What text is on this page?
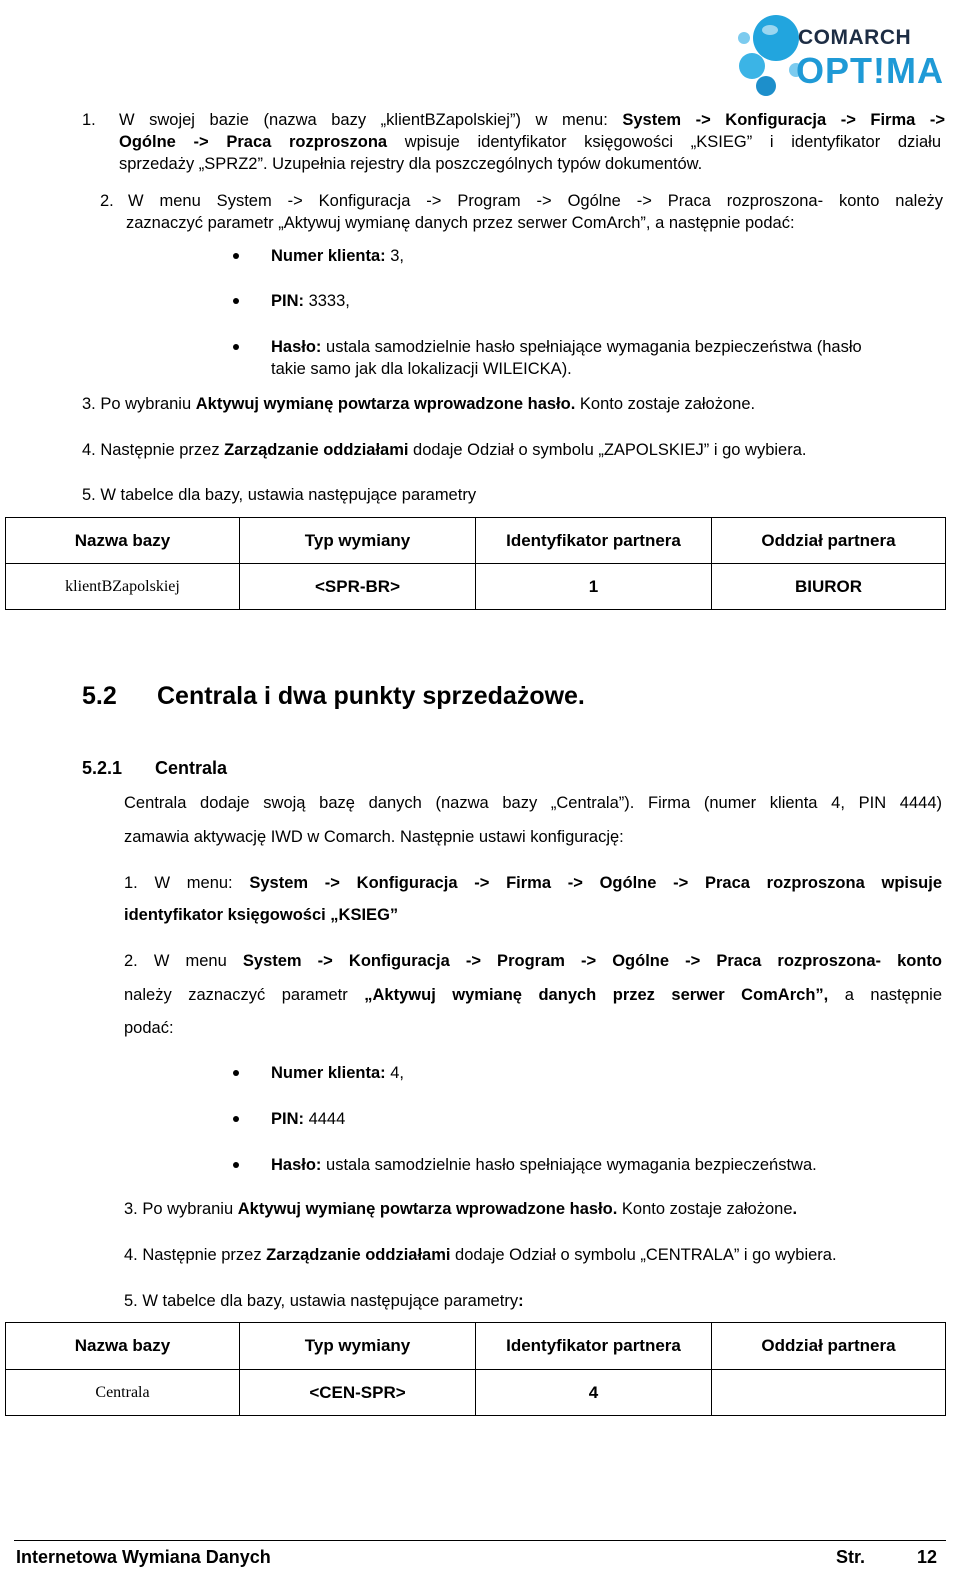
COMARCH
OPT!MA
1. W swojej bazie (nazwa bazy „klientBZapolskiej”) w menu: System -> Konfiguracja -> Firma ->
Ogólne -> Praca rozproszona wpisuje identyfikator księgowości „KSIEG” i identyfikator działu
sprzedaży „SPRZ2”. Uzupełnia rejestry dla poszczególnych typów dokumentów.
2. W menu System -> Konfiguracja -> Program -> Ogólne -> Praca rozproszona- konto należy
zaznaczyć parametr „Aktywuj wymianę danych przez serwer ComArch”, a następnie podać:
Numer klienta: 3,
PIN: 3333,
Hasło: ustala samodzielnie hasło spełniające wymagania bezpieczeństwa (hasło
takie samo jak dla lokalizacji WILEICKA).
3. Po wybraniu Aktywuj wymianę powtarza wprowadzone hasło. Konto zostaje założone.
4. Następnie przez Zarządzanie oddziałami dodaje Odział o symbolu „ZAPOLSKIEJ” i go wybiera.
5. W tabelce dla bazy, ustawia następujące parametry
Nazwa bazy	Typ wymiany	Identyfikator partnera	Oddział partnera
klientBZapolskiej	<SPR-BR>	1	BIUROR
5.2 Centrala i dwa punkty sprzedażowe.
5.2.1 Centrala
Centrala dodaje swoją bazę danych (nazwa bazy „Centrala”). Firma (numer klienta 4, PIN 4444)
zamawia aktywację IWD w Comarch. Następnie ustawi konfigurację:
1. W menu: System -> Konfiguracja -> Firma -> Ogólne -> Praca rozproszona wpisuje
identyfikator księgowości „KSIEG”
2. W menu System -> Konfiguracja -> Program -> Ogólne -> Praca rozproszona- konto
należy zaznaczyć parametr „Aktywuj wymianę danych przez serwer ComArch”, a następnie
podać:
Numer klienta: 4,
PIN: 4444
Hasło: ustala samodzielnie hasło spełniające wymagania bezpieczeństwa.
3. Po wybraniu Aktywuj wymianę powtarza wprowadzone hasło. Konto zostaje założone.
4. Następnie przez Zarządzanie oddziałami dodaje Odział o symbolu „CENTRALA” i go wybiera.
5. W tabelce dla bazy, ustawia następujące parametry:
Nazwa bazy	Typ wymiany	Identyfikator partnera	Oddział partnera
Centrala	<CEN-SPR>	4	
Internetowa Wymiana Danych	Str.	12
